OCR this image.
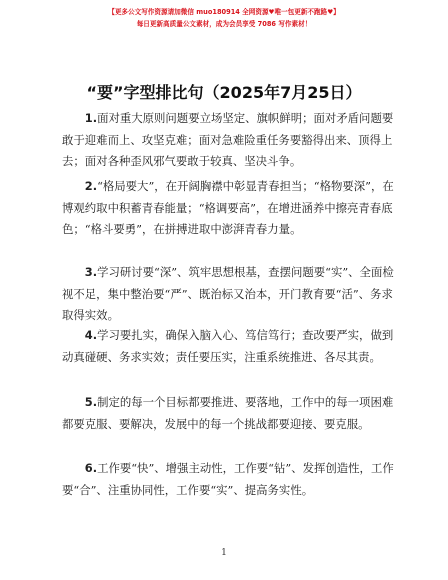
【更多公文写作资源请加微信 muo180914 全网资源♥唯一包更新不跑路♥】
每日更新高质量公文素材，成为会员享受 7086 写作素材！
“要”字型排比句（2025年7月25日）

1.面对重大原则问题要立场坚定、旗帜鲜明；面对矛盾问题要敢于迎难而上、攻坚克难；面对急难险重任务要豁得出来、顶得上去；面对各种歪风邪气要敢于较真、坚决斗争。

2.“格局要大”，在开阔胸襟中彰显青春担当；“格物要深”，在博观约取中积蓄青春能量；“格调要高”，在增进涵养中擦亮青春底色；“格斗要勇”，在拼搏进取中澎湃青春力量。

3.学习研讨要“深”、筑牢思想根基，查摆问题要“实”、全面检视不足，集中整治要“严”、既治标又治本，开门教育要“活”、务求取得实效。

4.学习要扎实，确保入脑入心、笃信笃行；查改要严实，做到动真碰硬、务求实效；责任要压实，注重系统推进、各尽其责。

5.制定的每一个目标都要推进、要落地，工作中的每一项困难都要克服、要解决，发展中的每一个挑战都要迎接、要克服。

6.工作要“快”、增强主动性，工作要“钻”、发挥创造性，工作要“合”、注重协同性，工作要“实”、提高务实性。

1
